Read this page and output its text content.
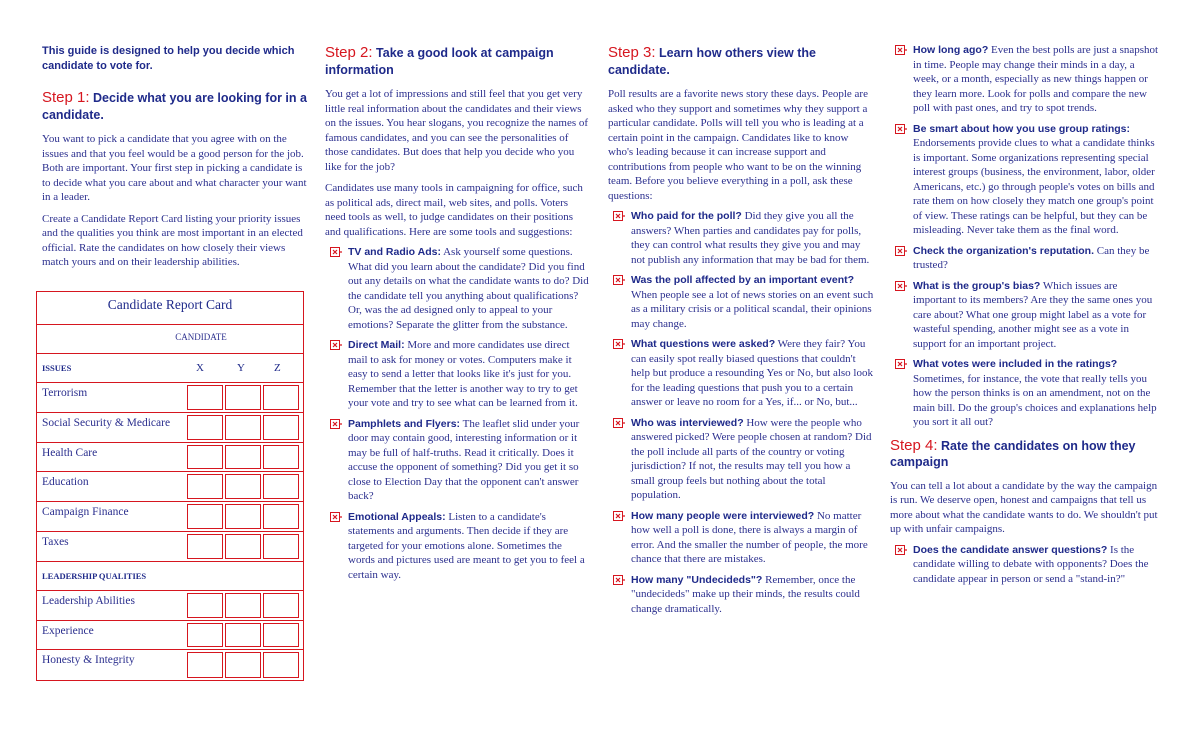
This guide is designed to help you decide which candidate to vote for.

Step 1: Decide what you are looking for in a candidate.

You want to pick a candidate that you agree with on the issues and that you feel would be a good person for the job. Both are important. Your first step in picking a candidate is to decide what you care about and what character your want in a leader.

Create a Candidate Report Card listing your priority issues and the qualities you think are most important in an elected official. Rate the candidates on how closely their views match yours and on their leadership abilities.

Candidate Report Card
CANDIDATE
ISSUES	X	Y	Z
Terrorism
Social Security & Medicare
Health Care
Education
Campaign Finance
Taxes
LEADERSHIP QUALITIES
Leadership Abilities
Experience
Honesty & Integrity

Step 2: Take a good look at campaign information

You get a lot of impressions and still feel that you get very little real information about the candidates and their views on the issues. You hear slogans, you recognize the names of famous candidates, and you can see the personalities of those candidates. But does that help you decide who you like for the job?

Candidates use many tools in campaigning for office, such as political ads, direct mail, web sites, and polls. Voters need tools as well, to judge candidates on their positions and qualifications. Here are some tools and suggestions:

TV and Radio Ads: Ask yourself some questions. What did you learn about the candidate? Did you find out any details on what the candidate wants to do? Did the candidate tell you anything about qualifications? Or, was the ad designed only to appeal to your emotions? Separate the glitter from the substance.
Direct Mail: More and more candidates use direct mail to ask for money or votes. Computers make it easy to send a letter that looks like it's just for you. Remember that the letter is another way to try to get your vote and try to see what can be learned from it.
Pamphlets and Flyers: The leaflet slid under your door may contain good, interesting information or it may be full of half-truths. Read it critically. Does it accuse the opponent of something? Did you get it so close to Election Day that the opponent can't answer back?
Emotional Appeals: Listen to a candidate's statements and arguments. Then decide if they are targeted for your emotions alone. Sometimes the words and pictures used are meant to get you to feel a certain way.

Step 3: Learn how others view the candidate.

Poll results are a favorite news story these days. People are asked who they support and sometimes why they support a particular candidate. Polls will tell you who is leading at a certain point in the campaign. Candidates like to know who's leading because it can increase support and contributions from people who want to be on the winning team. Before you believe everything in a poll, ask these questions:

Who paid for the poll? Did they give you all the answers? When parties and candidates pay for polls, they can control what results they give you and may not publish any information that may be bad for them.
Was the poll affected by an important event? When people see a lot of news stories on an event such as a military crisis or a political scandal, their opinions may change.
What questions were asked? Were they fair? You can easily spot really biased questions that couldn't help but produce a resounding Yes or No, but also look for the leading questions that push you to a certain answer or leave no room for a Yes, if... or No, but...
Who was interviewed? How were the people who answered picked? Were people chosen at random? Did the poll include all parts of the country or voting jurisdiction? If not, the results may tell you how a small group feels but nothing about the total population.
How many people were interviewed? No matter how well a poll is done, there is always a margin of error. And the smaller the number of people, the more chance that there are mistakes.
How many "Undecideds"? Remember, once the "undecideds" make up their minds, the results could change dramatically.
How long ago? Even the best polls are just a snapshot in time. People may change their minds in a day, a week, or a month, especially as new things happen or they learn more. Look for polls and compare the new poll with past ones, and try to spot trends.
Be smart about how you use group ratings: Endorsements provide clues to what a candidate thinks is important. Some organizations representing special interest groups (business, the environment, labor, older Americans, etc.) go through people's votes on bills and rate them on how closely they match one group's point of view. These ratings can be helpful, but they can be misleading. Never take them as the final word.
Check the organization's reputation. Can they be trusted?
What is the group's bias? Which issues are important to its members? Are they the same ones you care about? What one group might label as a vote for wasteful spending, another might see as a vote in support for an important project.
What votes were included in the ratings? Sometimes, for instance, the vote that really tells you how the person thinks is on an amendment, not on the main bill. Do the group's choices and explanations help you sort it all out?

Step 4: Rate the candidates on how they campaign

You can tell a lot about a candidate by the way the campaign is run. We deserve open, honest and campaigns that tell us more about what the candidate wants to do. We shouldn't put up with unfair campaigns.

Does the candidate answer questions? Is the candidate willing to debate with opponents? Does the candidate appear in person or send a "stand-in?"
